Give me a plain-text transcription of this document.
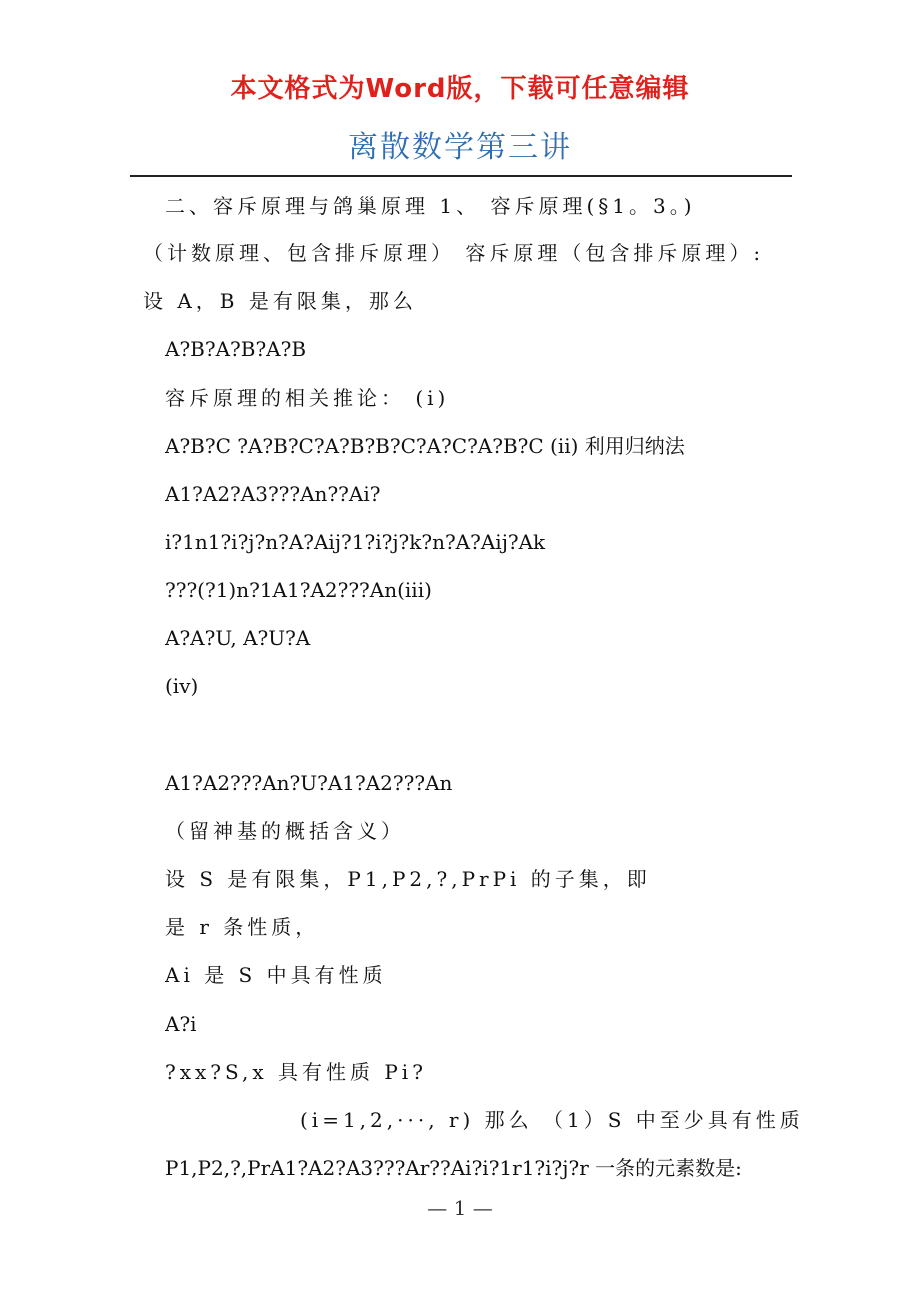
本文格式为Word版，下载可任意编辑
离散数学第三讲
二、容斥原理与鸽巢原理 1、 容斥原理(§1。3。)
（计数原理、包含排斥原理） 容斥原理（包含排斥原理）:
设 A，B 是有限集，那么
A?B?A?B?A?B
容斥原理的相关推论： (i)
A?B?C ?A?B?C?A?B?B?C?A?C?A?B?C (ii) 利用归纳法
A1?A2?A3???An??Ai?
i?1n1?i?j?n?A?Aij?1?i?j?k?n?A?Aij?Ak
???(?1)n?1A1?A2???An(iii)
A?A?U, A?U?A
(iv)
A1?A2???An?U?A1?A2???An
（留神基的概括含义）
设 S 是有限集，P1,P2,?,PrPi 的子集，即
是 r 条性质，
Ai 是 S 中具有性质
A?i
?xx?S,x 具有性质 Pi?
(i=1,2,···, r) 那么 （1）S 中至少具有性质
P1,P2,?,PrA1?A2?A3???Ar??Ai?i?1r1?i?j?r 一条的元素数是:
— 1 —
